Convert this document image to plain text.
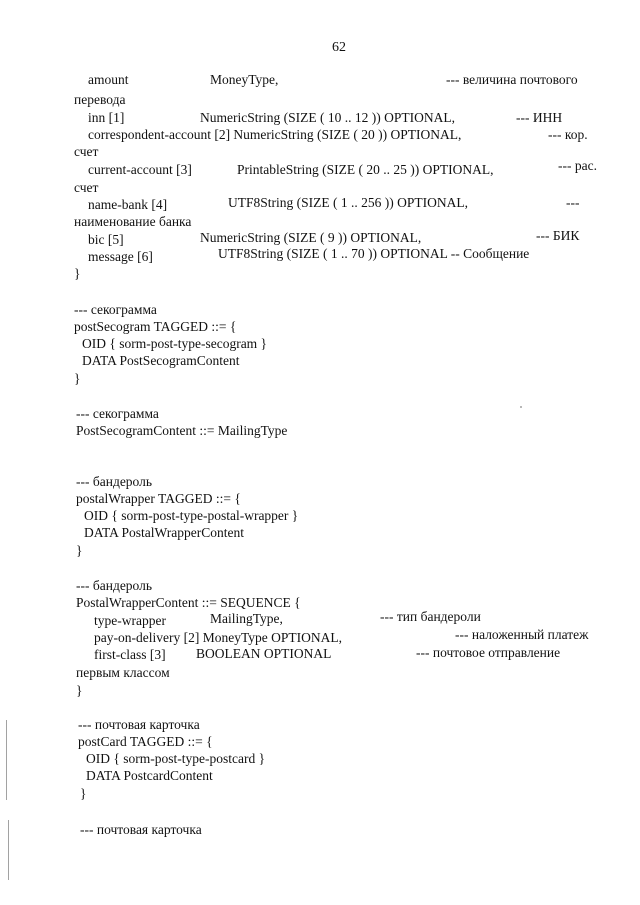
62
amount	MoneyType,	--- величина почтового
перевода
inn [1]	NumericString (SIZE ( 10 .. 12 )) OPTIONAL,	--- ИНН
correspondent-account [2] NumericString (SIZE ( 20 )) OPTIONAL,	--- кор.
счет
current-account [3]	PrintableString (SIZE ( 20 .. 25 )) OPTIONAL,	--- рас.
счет
name-bank [4]	UTF8String (SIZE ( 1 .. 256 )) OPTIONAL,	---
наименование банка
bic [5]	NumericString (SIZE ( 9 )) OPTIONAL,	--- БИК
message [6]	UTF8String (SIZE ( 1 .. 70 )) OPTIONAL -- Сообщение
}
--- секограмма
postSecogram TAGGED ::= {
OID { sorm-post-type-secogram }
DATA PostSecogramContent
}
--- секограмма
PostSecogramContent ::= MailingType
--- бандероль
postalWrapper TAGGED ::= {
OID { sorm-post-type-postal-wrapper }
DATA PostalWrapperContent
}
--- бандероль
PostalWrapperContent ::= SEQUENCE {
type-wrapper	MailingType,	--- тип бандероли
pay-on-delivery [2] MoneyType OPTIONAL,	--- наложенный платеж
first-class [3] BOOLEAN OPTIONAL	--- почтовое отправление
первым классом
}
--- почтовая карточка
postCard TAGGED ::= {
OID { sorm-post-type-postcard }
DATA PostcardContent
}
--- почтовая карточка
